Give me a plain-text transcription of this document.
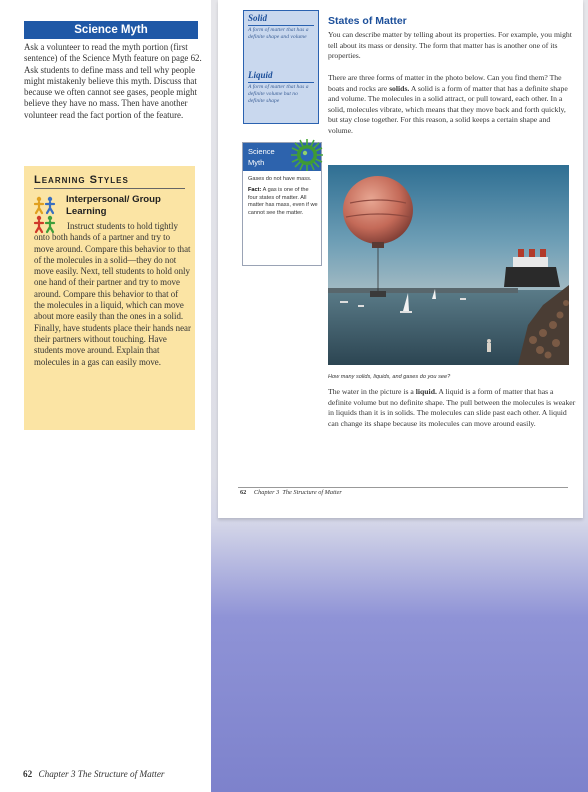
Science Myth

Ask a volunteer to read the myth portion (first sentence) of the Science Myth feature on page 62. Ask students to define mass and tell why people might mistakenly believe this myth. Discuss that because we often cannot see gases, people might believe they have no mass. Then have another volunteer read the fact portion of the feature.

Learning Styles
Interpersonal/ Group Learning

Instruct students to hold tightly onto both hands of a partner and try to move around. Compare this behavior to that of the molecules in a solid—they do not move easily. Next, tell students to hold only one hand of their partner and try to move around. Compare this behavior to that of the molecules in a liquid, which can move about more easily than the ones in a solid. Finally, have students place their hands near their partners without touching. Have students move around. Explain that molecules in a gas can easily move.

62 Chapter 3 The Structure of Matter
Solid
A form of matter that has a definite shape and volume
Liquid
A form of matter that has a definite volume but no definite shape
Science Myth

Gases do not have mass.

Fact: A gas is one of the four states of matter. All matter has mass, even if we cannot see the matter.

States of Matter

You can describe matter by telling about its properties. For example, you might tell about its mass or density. The form that matter has is another one of its properties.

There are three forms of matter in the photo below. Can you find them? The boats and rocks are solids. A solid is a form of matter that has a definite shape and volume. The molecules in a solid attract, or pull toward, each other. In a solid, molecules vibrate, which means that they move back and forth quickly, but stay close together. For this reason, a solid keeps a certain shape and volume.

How many solids, liquids, and gases do you see?

The water in the picture is a liquid. A liquid is a form of matter that has a definite volume but no definite shape. The pull between the molecules is weaker in liquids than it is in solids. The molecules can slide past each other. A liquid can change its shape because its molecules can move around easily.

62 Chapter 3 The Structure of Matter
